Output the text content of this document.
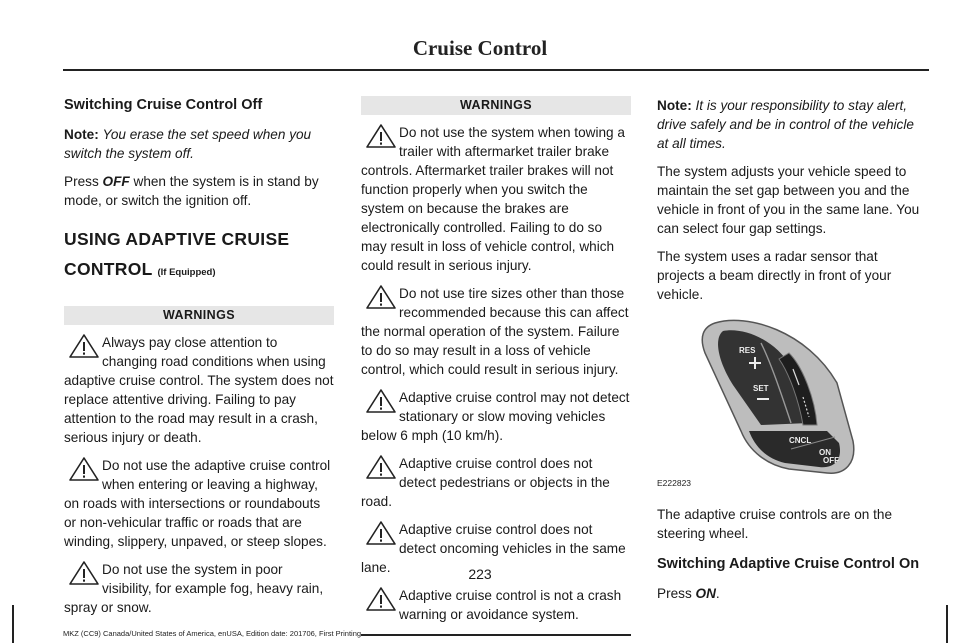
Cruise Control
Switching Cruise Control Off
Note: You erase the set speed when you switch the system off.
Press OFF when the system is in stand by mode, or switch the ignition off.
USING ADAPTIVE CRUISE
CONTROL (If Equipped)
WARNINGS
Always pay close attention to changing road conditions when using adaptive cruise control. The system does not replace attentive driving. Failing to pay attention to the road may result in a crash, serious injury or death.
Do not use the adaptive cruise control when entering or leaving a highway, on roads with intersections or roundabouts or non-vehicular traffic or roads that are winding, slippery, unpaved, or steep slopes.
Do not use the system in poor visibility, for example fog, heavy rain, spray or snow.
WARNINGS
Do not use the system when towing a trailer with aftermarket trailer brake controls. Aftermarket trailer brakes will not function properly when you switch the system on because the brakes are electronically controlled. Failing to do so may result in loss of vehicle control, which could result in serious injury.
Do not use tire sizes other than those recommended because this can affect the normal operation of the system. Failure to do so may result in a loss of vehicle control, which could result in serious injury.
Adaptive cruise control may not detect stationary or slow moving vehicles below 6 mph (10 km/h).
Adaptive cruise control does not detect pedestrians or objects in the road.
Adaptive cruise control does not detect oncoming vehicles in the same lane.
Adaptive cruise control is not a crash warning or avoidance system.
Note: It is your responsibility to stay alert, drive safely and be in control of the vehicle at all times.
The system adjusts your vehicle speed to maintain the set gap between you and the vehicle in front of you in the same lane. You can select four gap settings.
The system uses a radar sensor that projects a beam directly in front of your vehicle.
RES
SET
CNCL
ON
OFF
E222823
The adaptive cruise controls are on the steering wheel.
Switching Adaptive Cruise Control On
Press ON.
223
MKZ (CC9) Canada/United States of America, enUSA, Edition date: 201706, First Printing
